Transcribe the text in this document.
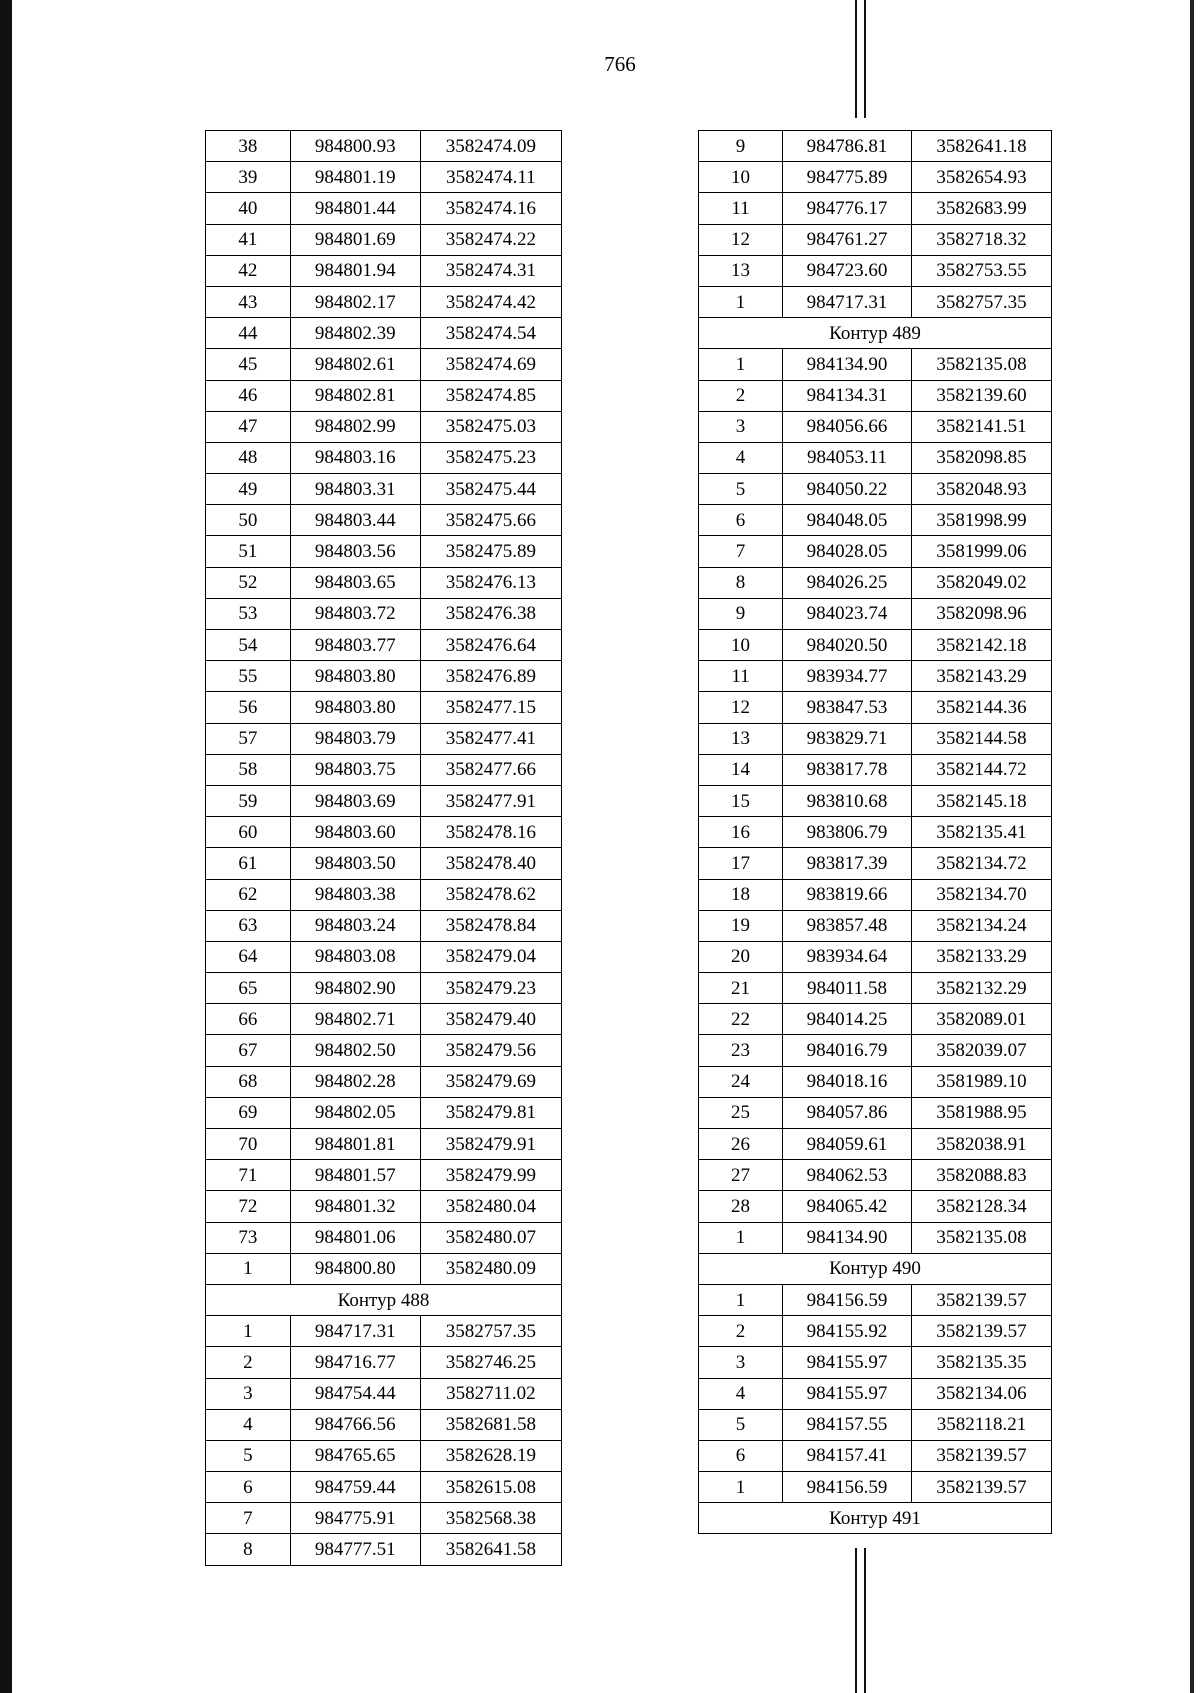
766
38	984800.93	3582474.09
39	984801.19	3582474.11
40	984801.44	3582474.16
41	984801.69	3582474.22
42	984801.94	3582474.31
43	984802.17	3582474.42
44	984802.39	3582474.54
45	984802.61	3582474.69
46	984802.81	3582474.85
47	984802.99	3582475.03
48	984803.16	3582475.23
49	984803.31	3582475.44
50	984803.44	3582475.66
51	984803.56	3582475.89
52	984803.65	3582476.13
53	984803.72	3582476.38
54	984803.77	3582476.64
55	984803.80	3582476.89
56	984803.80	3582477.15
57	984803.79	3582477.41
58	984803.75	3582477.66
59	984803.69	3582477.91
60	984803.60	3582478.16
61	984803.50	3582478.40
62	984803.38	3582478.62
63	984803.24	3582478.84
64	984803.08	3582479.04
65	984802.90	3582479.23
66	984802.71	3582479.40
67	984802.50	3582479.56
68	984802.28	3582479.69
69	984802.05	3582479.81
70	984801.81	3582479.91
71	984801.57	3582479.99
72	984801.32	3582480.04
73	984801.06	3582480.07
1	984800.80	3582480.09
Контур 488		
1	984717.31	3582757.35
2	984716.77	3582746.25
3	984754.44	3582711.02
4	984766.56	3582681.58
5	984765.65	3582628.19
6	984759.44	3582615.08
7	984775.91	3582568.38
8	984777.51	3582641.58
9	984786.81	3582641.18
10	984775.89	3582654.93
11	984776.17	3582683.99
12	984761.27	3582718.32
13	984723.60	3582753.55
1	984717.31	3582757.35
Контур 489		
1	984134.90	3582135.08
2	984134.31	3582139.60
3	984056.66	3582141.51
4	984053.11	3582098.85
5	984050.22	3582048.93
6	984048.05	3581998.99
7	984028.05	3581999.06
8	984026.25	3582049.02
9	984023.74	3582098.96
10	984020.50	3582142.18
11	983934.77	3582143.29
12	983847.53	3582144.36
13	983829.71	3582144.58
14	983817.78	3582144.72
15	983810.68	3582145.18
16	983806.79	3582135.41
17	983817.39	3582134.72
18	983819.66	3582134.70
19	983857.48	3582134.24
20	983934.64	3582133.29
21	984011.58	3582132.29
22	984014.25	3582089.01
23	984016.79	3582039.07
24	984018.16	3581989.10
25	984057.86	3581988.95
26	984059.61	3582038.91
27	984062.53	3582088.83
28	984065.42	3582128.34
1	984134.90	3582135.08
Контур 490		
1	984156.59	3582139.57
2	984155.92	3582139.57
3	984155.97	3582135.35
4	984155.97	3582134.06
5	984157.55	3582118.21
6	984157.41	3582139.57
1	984156.59	3582139.57
Контур 491		
